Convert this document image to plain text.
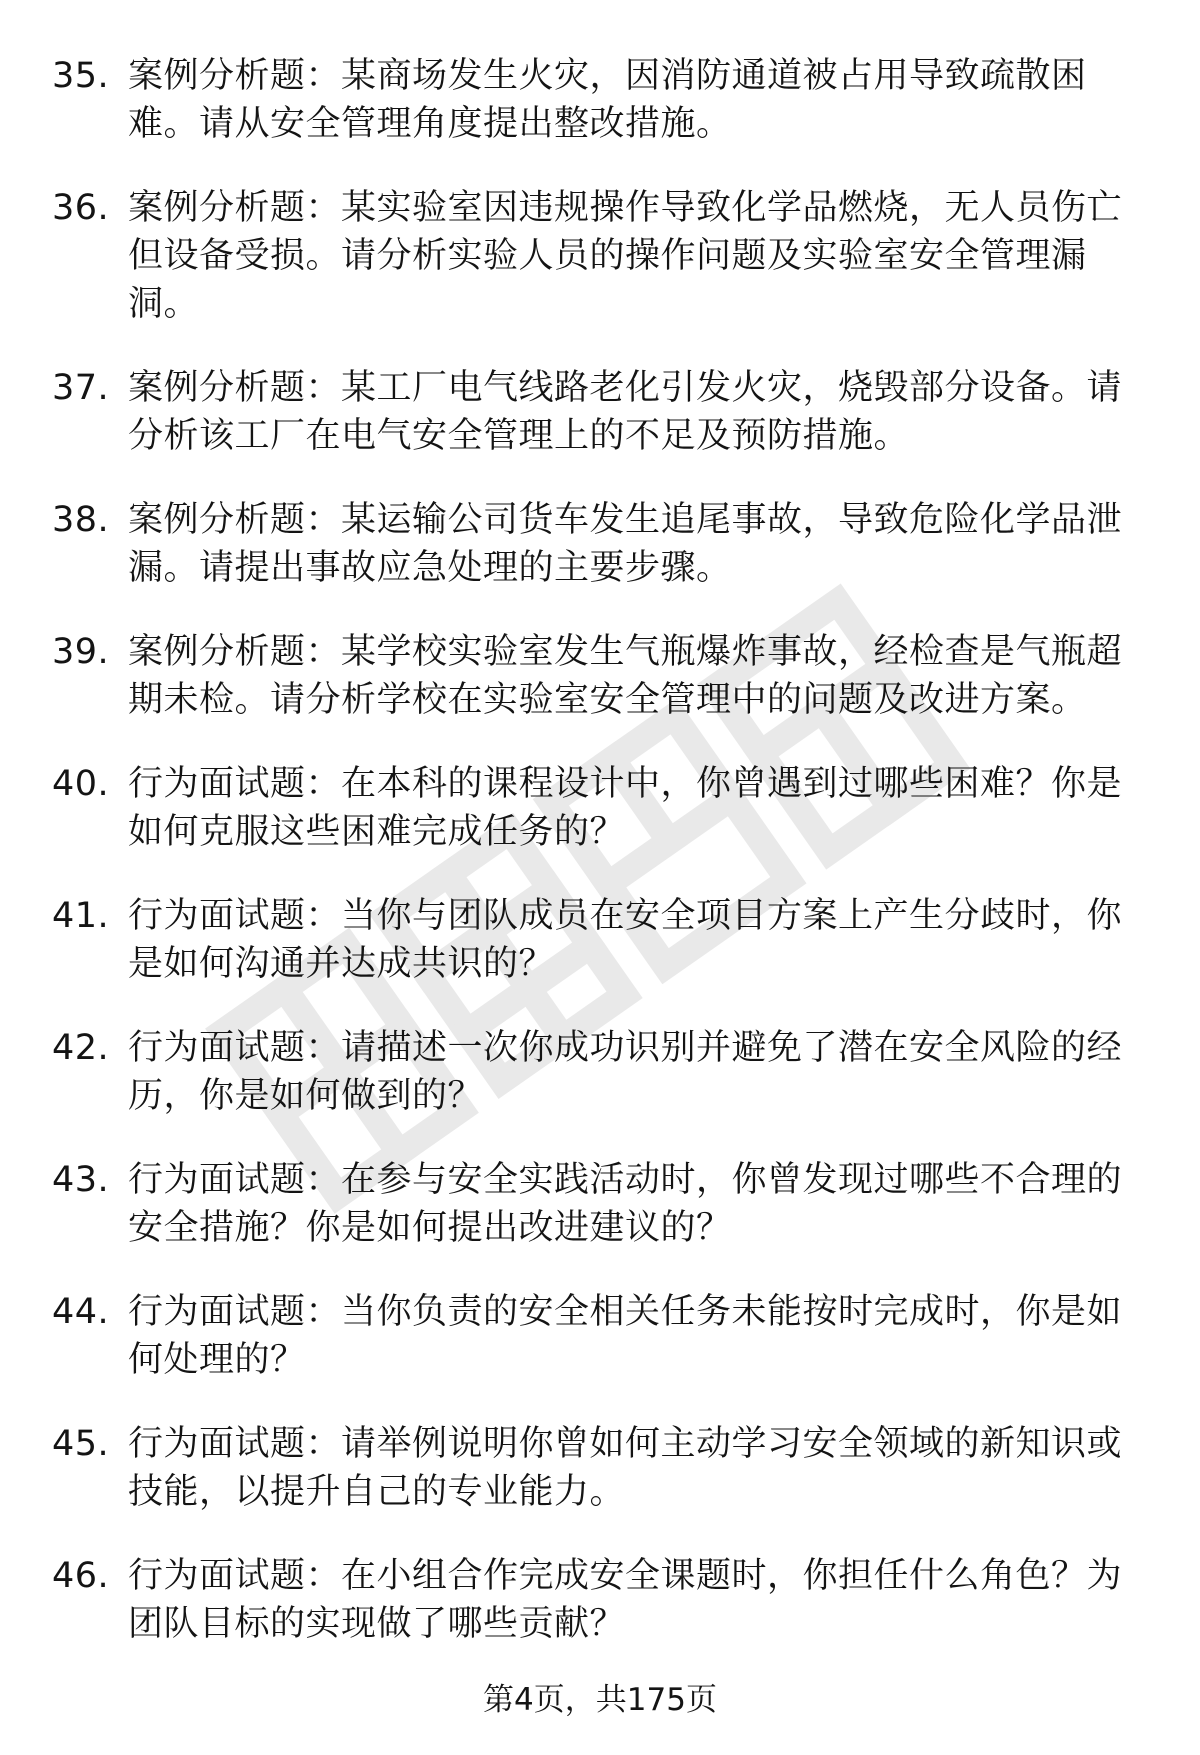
35. 案例分析题：某商场发生火灾，因消防通道被占用导致疏散困难。请从安全管理角度提出整改措施。
36. 案例分析题：某实验室因违规操作导致化学品燃烧，无人员伤亡但设备受损。请分析实验人员的操作问题及实验室安全管理漏洞。
37. 案例分析题：某工厂电气线路老化引发火灾，烧毁部分设备。请分析该工厂在电气安全管理上的不足及预防措施。
38. 案例分析题：某运输公司货车发生追尾事故，导致危险化学品泄漏。请提出事故应急处理的主要步骤。
39. 案例分析题：某学校实验室发生气瓶爆炸事故，经检查是气瓶超期未检。请分析学校在实验室安全管理中的问题及改进方案。
40. 行为面试题：在本科的课程设计中，你曾遇到过哪些困难？你是如何克服这些困难完成任务的？
41. 行为面试题：当你与团队成员在安全项目方案上产生分歧时，你是如何沟通并达成共识的？
42. 行为面试题：请描述一次你成功识别并避免了潜在安全风险的经历，你是如何做到的？
43. 行为面试题：在参与安全实践活动时，你曾发现过哪些不合理的安全措施？你是如何提出改进建议的？
44. 行为面试题：当你负责的安全相关任务未能按时完成时，你是如何处理的？
45. 行为面试题：请举例说明你曾如何主动学习安全领域的新知识或技能，以提升自己的专业能力。
46. 行为面试题：在小组合作完成安全课题时，你担任什么角色？为团队目标的实现做了哪些贡献？
第4页，共175页
